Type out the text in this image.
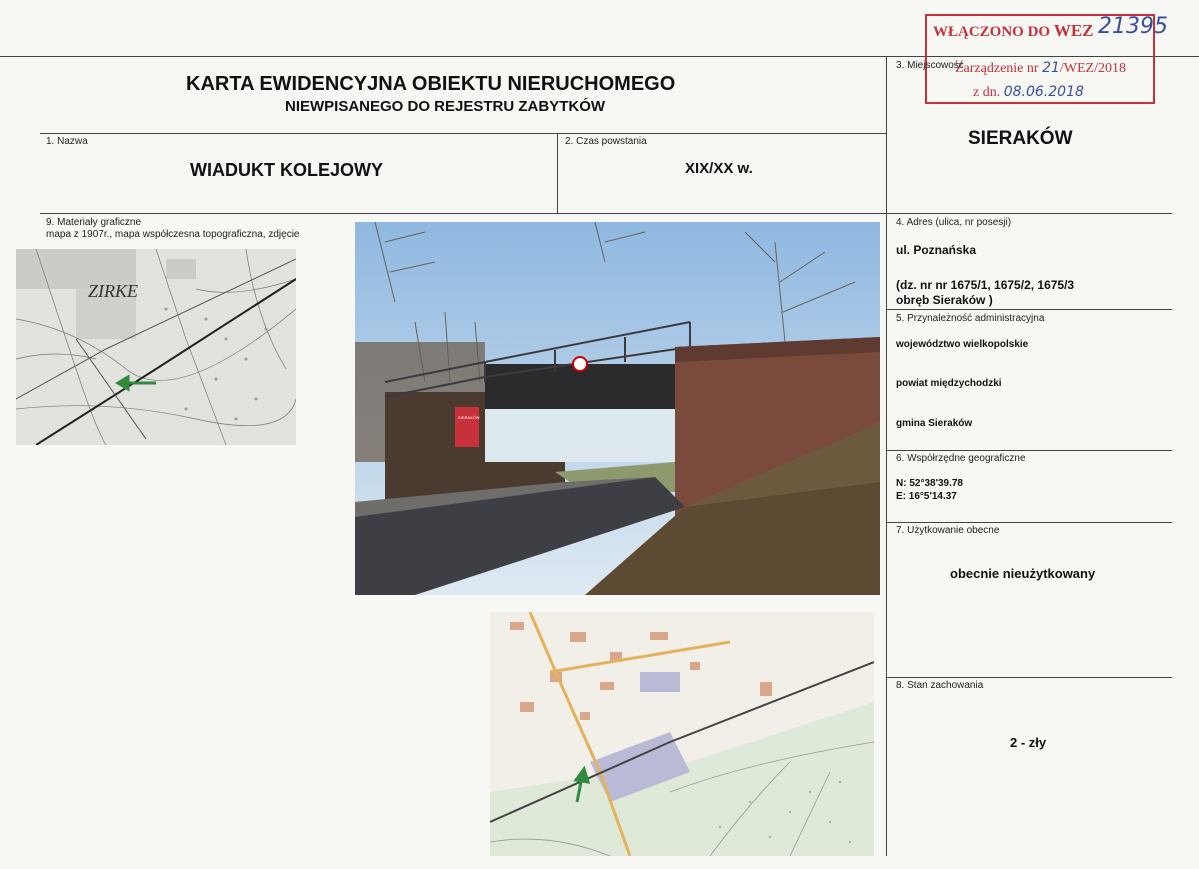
KARTA EWIDENCYJNA OBIEKTU NIERUCHOMEGO
NIEWPISANEGO DO REJESTRU ZABYTKÓW
WŁĄCZONO DO WEZ
Zarządzenie nr 21/WEZ/2018
z dn. 08.06.2018
21395
3. Miejscowość
SIERAKÓW
1. Nazwa
WIADUKT KOLEJOWY
2. Czas powstania
XIX/XX w.
4. Adres (ulica, nr posesji)
ul. Poznańska
(dz. nr nr 1675/1, 1675/2, 1675/3
obręb Sieraków )
5. Przynależność administracyjna
województwo wielkopolskie
powiat międzychodzki
gmina Sieraków
6. Współrzędne geograficzne
N: 52°38'39.78
E: 16°5'14.37
7. Użytkowanie obecne
obecnie nieużytkowany
8. Stan zachowania
2 - zły
9. Materiały graficzne
mapa z 1907r., mapa współczesna topograficzna, zdjęcie
ZIRKE
SIERAKÓW
